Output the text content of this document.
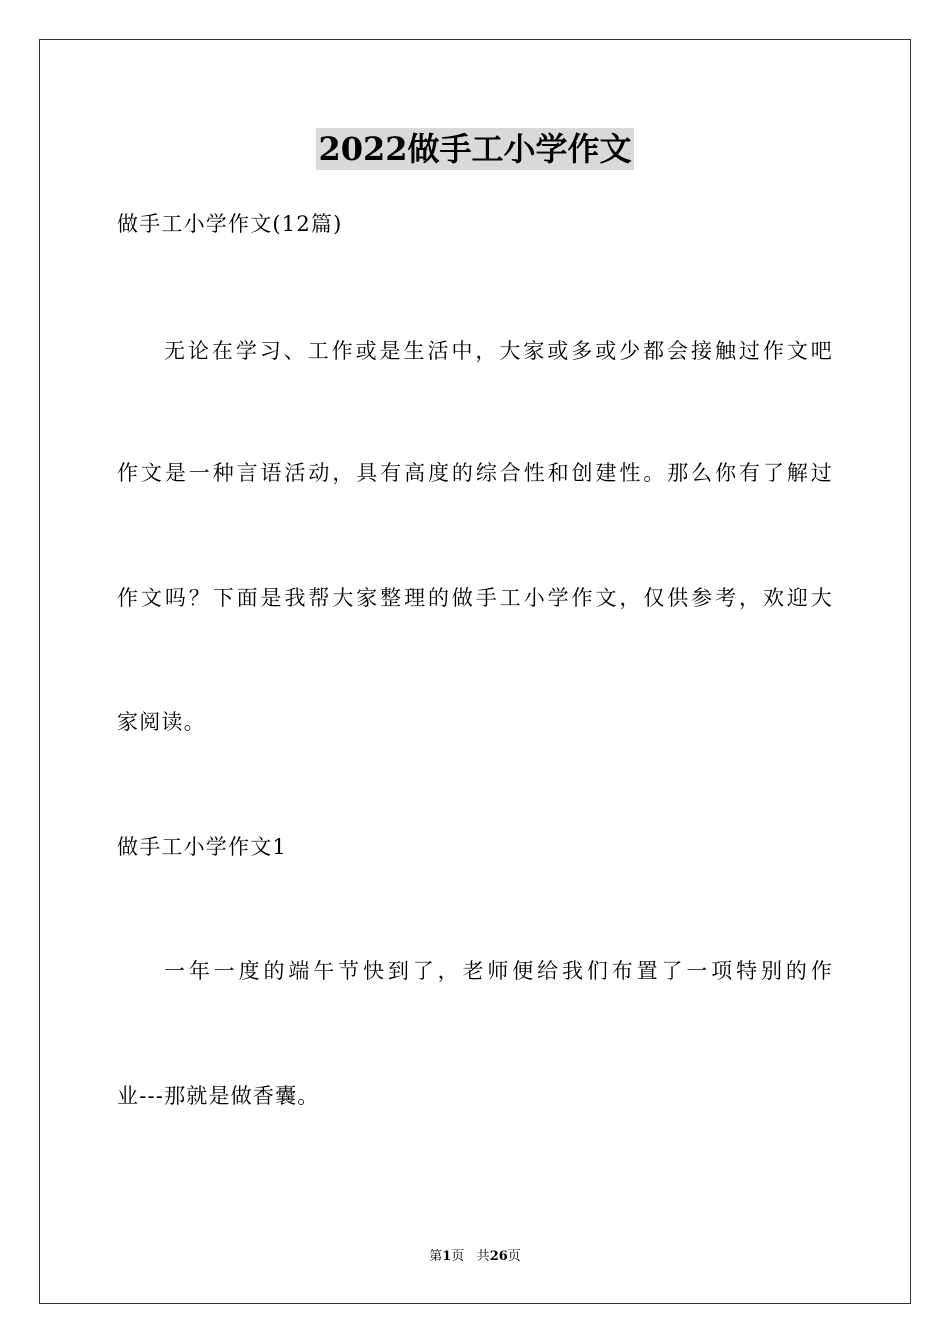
2022做手工小学作文
做手工小学作文(12篇)
无论在学习、工作或是生活中，大家或多或少都会接触过作文吧
作文是一种言语活动，具有高度的综合性和创建性。那么你有了解过
作文吗？下面是我帮大家整理的做手工小学作文，仅供参考，欢迎大
家阅读。
做手工小学作文1
一年一度的端午节快到了，老师便给我们布置了一项特别的作
业---那就是做香囊。
第1页 共26页
